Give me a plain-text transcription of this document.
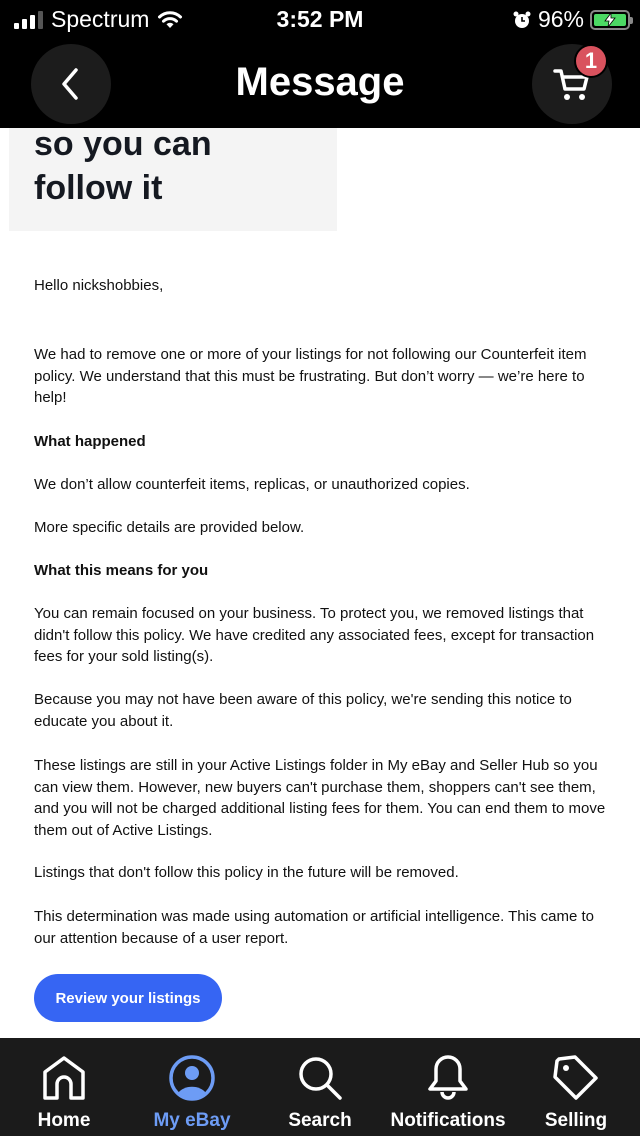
Spectrum	3:52 PM	96%
Message	1
so you can
follow it

Hello nickshobbies,

We had to remove one or more of your listings for not following our Counterfeit item policy. We understand that this must be frustrating. But don’t worry — we’re here to help!

What happened

We don’t allow counterfeit items, replicas, or unauthorized copies.

More specific details are provided below.

What this means for you

You can remain focused on your business. To protect you, we removed listings that didn't follow this policy. We have credited any associated fees, except for transaction fees for your sold listing(s).

Because you may not have been aware of this policy, we're sending this notice to educate you about it.

These listings are still in your Active Listings folder in My eBay and Seller Hub so you can view them. However, new buyers can't purchase them, shoppers can't see them, and you will not be charged additional listing fees for them. You can end them to move them out of Active Listings.

Listings that don't follow this policy in the future will be removed.

This determination was made using automation or artificial intelligence. This came to our attention because of a user report.

Review your listings
Home	My eBay	Search Notifications Selling
